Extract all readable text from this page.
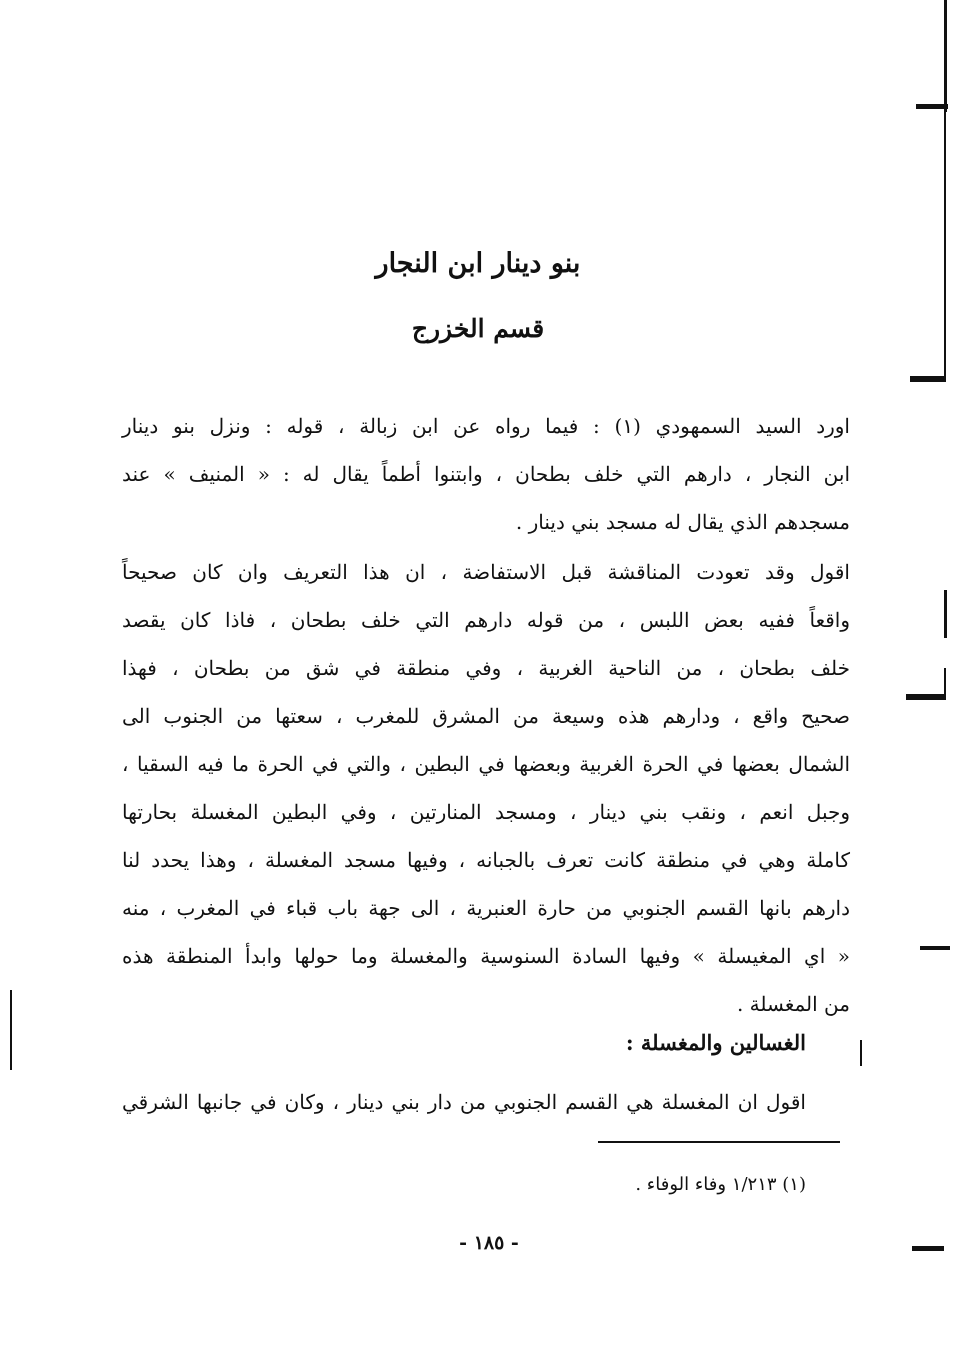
بنو دينار ابن النجار
قسم الخزرج

اورد السيد السمهودي (١) : فيما رواه عن ابن زبالة ، قوله : ونزل بنو دينار
ابن النجار ، دارهم التي خلف بطحان ، وابتنوا أطماً يقال له : « المنيف » عند
مسجدهم الذي يقال له مسجد بني دينار .

اقول وقد تعودت المناقشة قبل الاستفاضة ، ان هذا التعريف وان كان صحيحاً
واقعاً ففيه بعض اللبس ، من قوله دارهم التي خلف بطحان ، فاذا كان يقصد
خلف بطحان ، من الناحية الغربية ، وفي منطقة في شق من بطحان ، فهذا
صحيح واقع ، ودارهم هذه وسيعة من المشرق للمغرب ، سعتها من الجنوب الى
الشمال بعضها في الحرة الغربية وبعضها في البطين ، والتي في الحرة ما فيه السقيا ،
وجبل انعم ، ونقب بني دينار ، ومسجد المنارتين ، وفي البطين المغسلة بحارتها
كاملة وهي في منطقة كانت تعرف بالجبانه ، وفيها مسجد المغسلة ، وهذا يحدد لنا
دارهم بانها القسم الجنوبي من حارة العنبرية ، الى جهة باب قباء في المغرب ، منه
« اي المغيسلة » وفيها السادة السنوسية والمغسلة وما حولها وابدأ المنطقة هذه
من المغسلة .

الغسالين والمغسلة :
اقول ان المغسلة هي القسم الجنوبي من دار بني دينار ، وكان في جانبها الشرقي
(١) ١/٢١٣ وفاء الوفاء .
- ١٨٥ -
